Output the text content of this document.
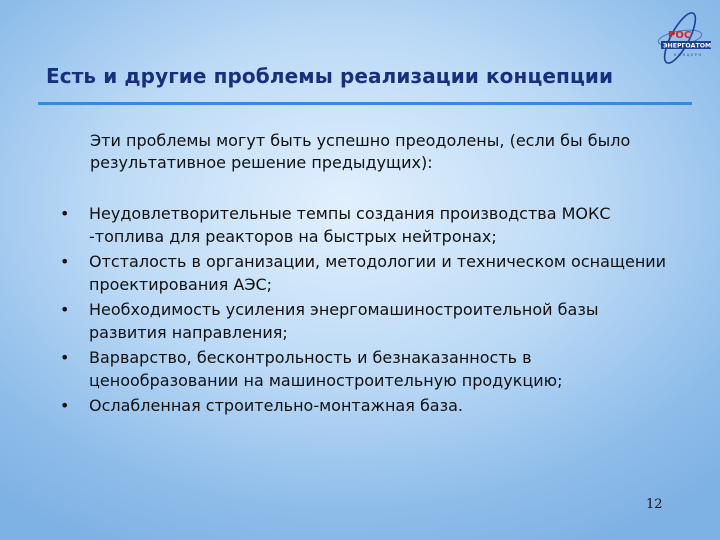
РОС
ЭНЕРГОАТОМ
КОНЦЕРН
Есть и другие проблемы реализации концепции
Эти проблемы могут быть успешно преодолены, (если бы было результативное решение предыдущих):
•	Неудовлетворительные темпы создания производства МОКС -топлива для реакторов на быстрых нейтронах;
•	Отсталость в организации, методологии и техническом оснащении проектирования АЭС;
•	Необходимость усиления энергомашиностроительной базы развития направления;
•	Варварство, бесконтрольность и безнаказанность в ценообразовании на машиностроительную продукцию;
•	Ослабленная строительно-монтажная база.
12
